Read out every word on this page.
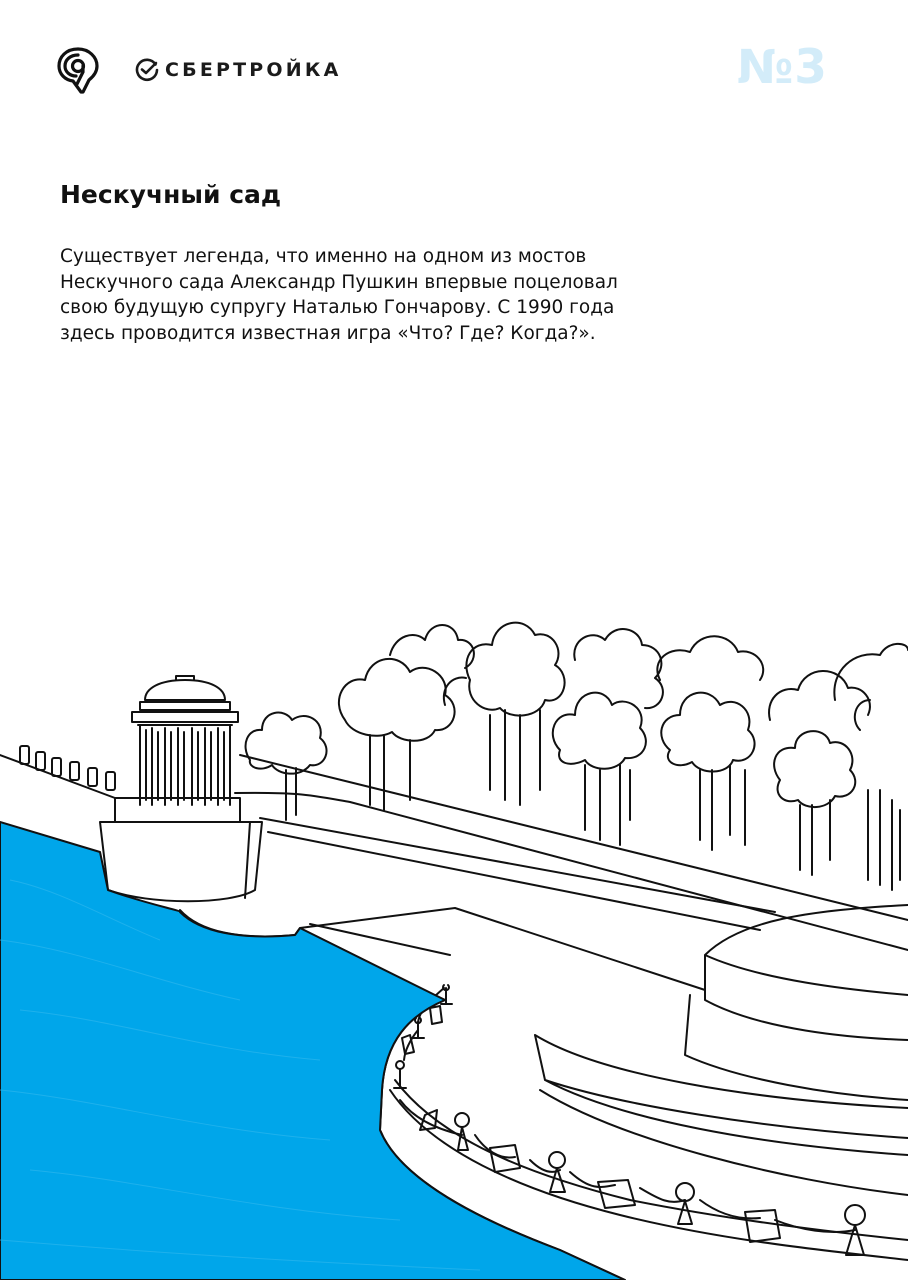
СБЕРТРОЙКА	№3
Нескучный сад

Существует легенда, что именно на одном из мостов Нескучного сада Александр Пушкин впервые поцеловал свою будущую супругу Наталью Гончарову. С 1990 года здесь проводится известная игра «Что? Где? Когда?».
